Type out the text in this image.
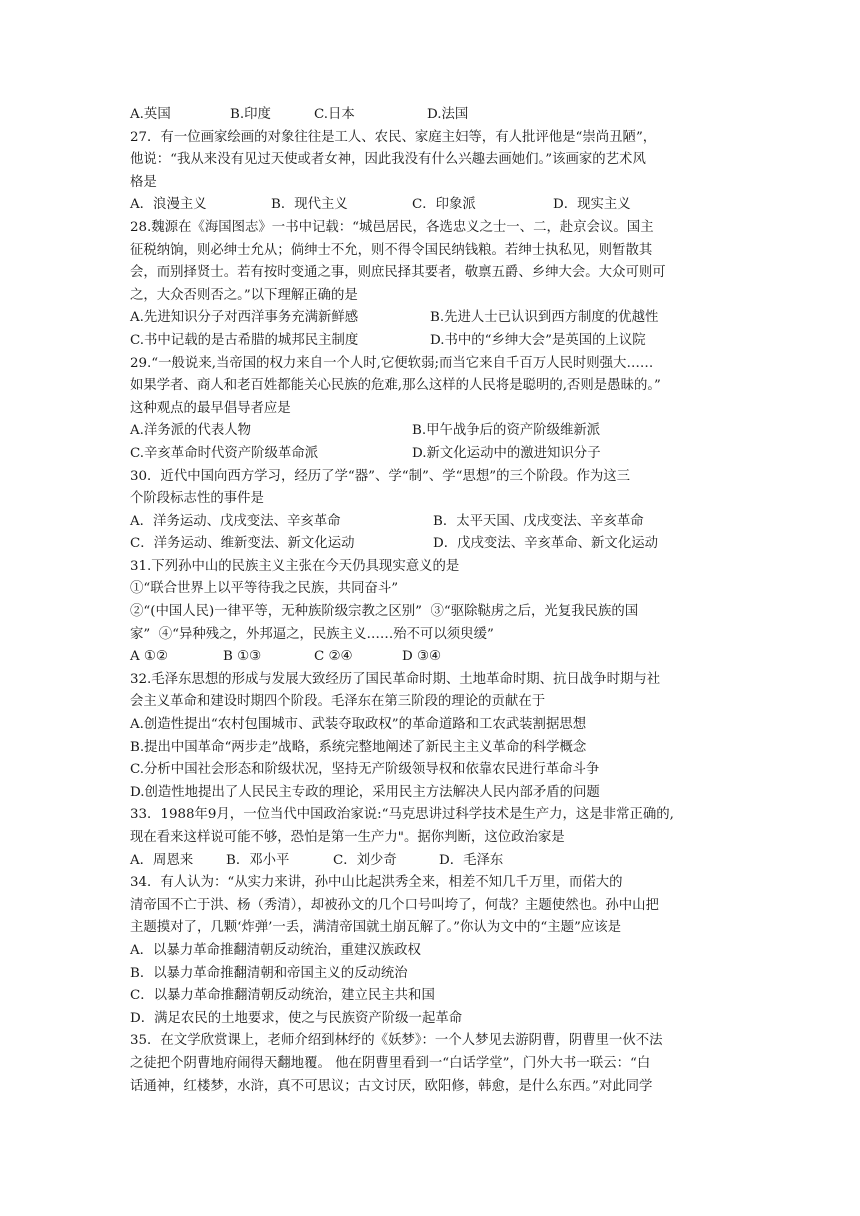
A.英国	B.印度	C.日本	D.法国
27．有一位画家绘画的对象往往是工人、农民、家庭主妇等，有人批评他是“崇尚丑陋”，
他说：“我从来没有见过天使或者女神，因此我没有什么兴趣去画她们。”该画家的艺术风
格是
A．浪漫主义	B．现代主义	C．印象派	D．现实主义
28.魏源在《海国图志》一书中记载：“城邑居民，各选忠义之士一、二，赴京会议。国主
征税纳饷，则必绅士允从；倘绅士不允，则不得令国民纳钱粮。若绅士执私见，则暂散其
会，而别择贤士。若有按时变通之事，则庶民择其要者，敬禀五爵、乡绅大会。大众可则可
之，大众否则否之。”以下理解正确的是
A.先进知识分子对西洋事务充满新鲜感	B.先进人士已认识到西方制度的优越性
C.书中记载的是古希腊的城邦民主制度	D.书中的“乡绅大会”是英国的上议院
29.“一般说来,当帝国的权力来自一个人时,它便软弱;而当它来自千百万人民时则强大……
如果学者、商人和老百姓都能关心民族的危难,那么这样的人民将是聪明的,否则是愚昧的。”
这种观点的最早倡导者应是
A.洋务派的代表人物	B.甲午战争后的资产阶级维新派
C.辛亥革命时代资产阶级革命派	D.新文化运动中的激进知识分子
30．近代中国向西方学习，经历了学“器”、学“制”、学“思想”的三个阶段。作为这三
个阶段标志性的事件是
A．洋务运动、戊戌变法、辛亥革命	B．太平天国、戊戌变法、辛亥革命
C．洋务运动、维新变法、新文化运动	D．戊戌变法、辛亥革命、新文化运动
31.下列孙中山的民族主义主张在今天仍具现实意义的是
①“联合世界上以平等待我之民族，共同奋斗”
②“(中国人民)一律平等，无种族阶级宗教之区别”  ③“驱除鞑虏之后，光复我民族的国
家”  ④“异种残之，外邦逼之，民族主义……殆不可以须臾缓”
A ①②	B ①③	C ②④	D ③④
32.毛泽东思想的形成与发展大致经历了国民革命时期、土地革命时期、抗日战争时期与社
会主义革命和建设时期四个阶段。毛泽东在第三阶段的理论的贡献在于
A.创造性提出“农村包围城市、武装夺取政权”的革命道路和工农武装割据思想
B.提出中国革命“两步走”战略，系统完整地阐述了新民主主义革命的科学概念
C.分析中国社会形态和阶级状况，坚持无产阶级领导权和依靠农民进行革命斗争
D.创造性地提出了人民民主专政的理论，采用民主方法解决人民内部矛盾的问题
33．1988年9月，一位当代中国政治家说:“马克思讲过科学技术是生产力，这是非常正确的,
现在看来这样说可能不够，恐怕是第一生产力"。据你判断，这位政治家是
A．周恩来	B．邓小平	C．刘少奇	D．毛泽东
34．有人认为：“从实力来讲，孙中山比起洪秀全来，相差不知几千万里，而偌大的
清帝国不亡于洪、杨（秀清），却被孙文的几个口号叫垮了，何哉？主题使然也。孙中山把
主题摸对了，几颗‘炸弹’一丢，满清帝国就土崩瓦解了。”你认为文中的“主题”应该是
A．以暴力革命推翻清朝反动统治，重建汉族政权
B．以暴力革命推翻清朝和帝国主义的反动统治
C．以暴力革命推翻清朝反动统治，建立民主共和国
D．满足农民的土地要求，使之与民族资产阶级一起革命
35．在文学欣赏课上，老师介绍到林纾的《妖梦》：一个人梦见去游阴曹，阴曹里一伙不法
之徒把个阴曹地府闹得天翻地覆。 他在阴曹里看到一“白话学堂”，门外大书一联云：“白
话通神，红楼梦，水浒，真不可思议；古文讨厌，欧阳修，韩愈，是什么东西。”对此同学
